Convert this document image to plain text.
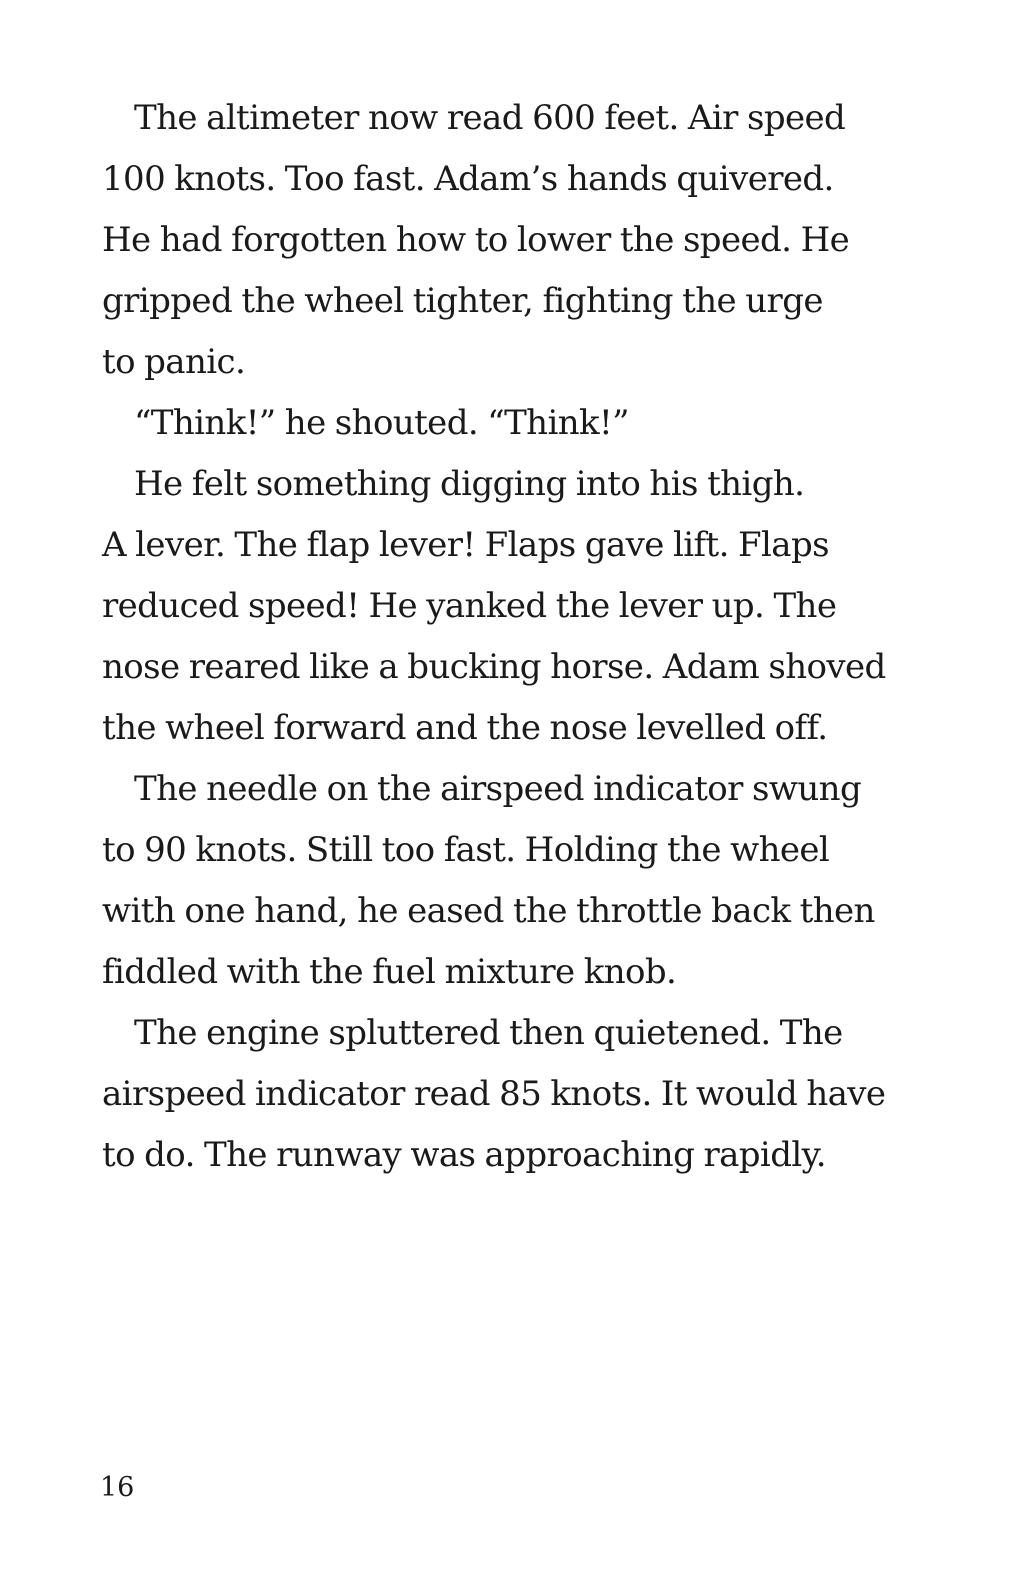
The altimeter now read 600 feet. Air speed
100 knots. Too fast. Adam’s hands quivered.
He had forgotten how to lower the speed. He
gripped the wheel tighter, fighting the urge
to panic.
“Think!” he shouted. “Think!”
He felt something digging into his thigh.
A lever. The flap lever! Flaps gave lift. Flaps
reduced speed! He yanked the lever up. The
nose reared like a bucking horse. Adam shoved
the wheel forward and the nose levelled off.
The needle on the airspeed indicator swung
to 90 knots. Still too fast. Holding the wheel
with one hand, he eased the throttle back then
fiddled with the fuel mixture knob.
The engine spluttered then quietened. The
airspeed indicator read 85 knots. It would have
to do. The runway was approaching rapidly.
16
